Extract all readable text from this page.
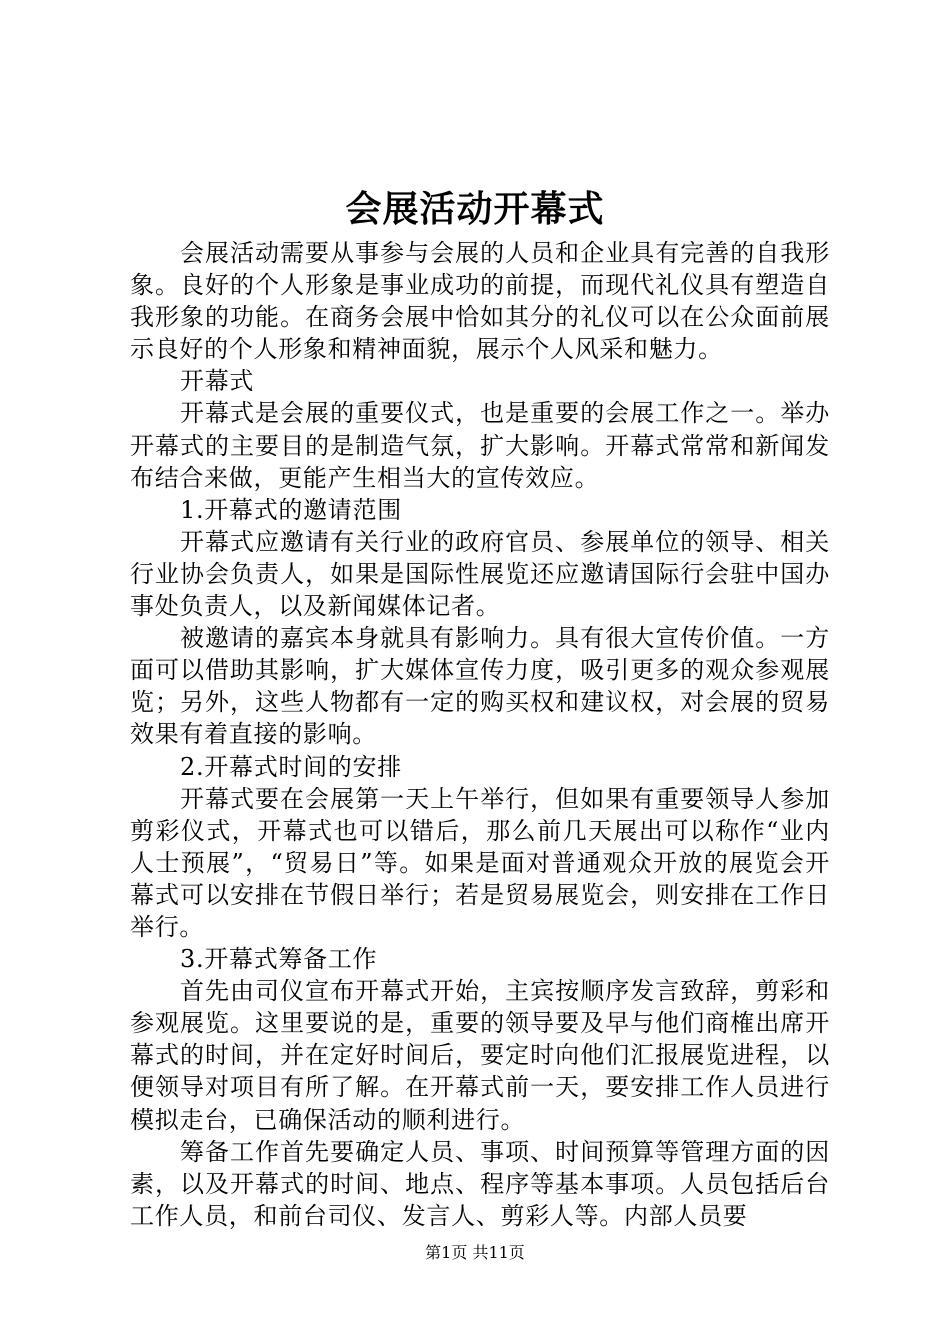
会展活动开幕式

会展活动需要从事参与会展的人员和企业具有完善的自我形象。良好的个人形象是事业成功的前提，而现代礼仪具有塑造自我形象的功能。在商务会展中恰如其分的礼仪可以在公众面前展示良好的个人形象和精神面貌，展示个人风采和魅力。

开幕式

开幕式是会展的重要仪式，也是重要的会展工作之一。举办开幕式的主要目的是制造气氛，扩大影响。开幕式常常和新闻发布结合来做，更能产生相当大的宣传效应。

1.开幕式的邀请范围

开幕式应邀请有关行业的政府官员、参展单位的领导、相关行业协会负责人，如果是国际性展览还应邀请国际行会驻中国办事处负责人，以及新闻媒体记者。

被邀请的嘉宾本身就具有影响力。具有很大宣传价值。一方面可以借助其影响，扩大媒体宣传力度，吸引更多的观众参观展览；另外，这些人物都有一定的购买权和建议权，对会展的贸易效果有着直接的影响。

2.开幕式时间的安排

开幕式要在会展第一天上午举行，但如果有重要领导人参加剪彩仪式，开幕式也可以错后，那么前几天展出可以称作“业内人士预展”，“贸易日”等。如果是面对普通观众开放的展览会开幕式可以安排在节假日举行；若是贸易展览会，则安排在工作日举行。

3.开幕式筹备工作

首先由司仪宣布开幕式开始，主宾按顺序发言致辞，剪彩和参观展览。这里要说的是，重要的领导要及早与他们商榷出席开幕式的时间，并在定好时间后，要定时向他们汇报展览进程，以便领导对项目有所了解。在开幕式前一天，要安排工作人员进行模拟走台，已确保活动的顺利进行。

筹备工作首先要确定人员、事项、时间预算等管理方面的因素，以及开幕式的时间、地点、程序等基本事项。人员包括后台工作人员，和前台司仪、发言人、剪彩人等。内部人员要

第1页 共11页
